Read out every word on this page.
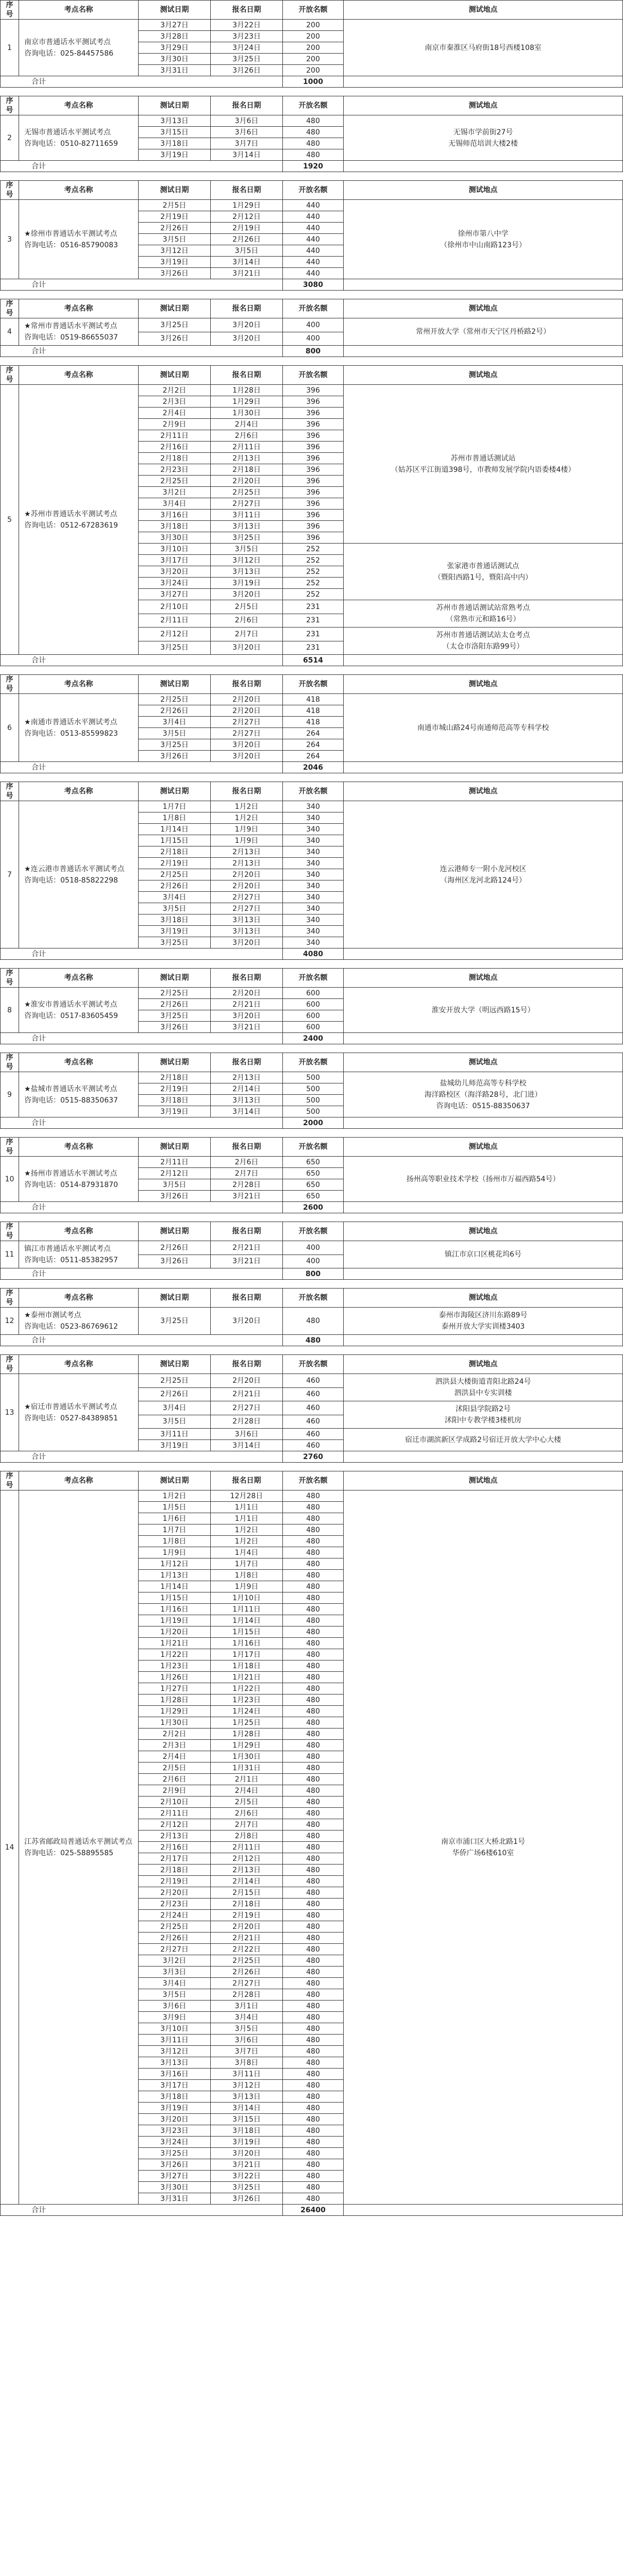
序号	考点名称	测试日期	报名日期	开放名额	测试地点
1	南京市普通话水平测试考点
咨询电话：025-84457586	3月27日	3月22日	200	南京市秦淮区马府街18号西楼108室
		3月28日	3月23日	200	
		3月29日	3月24日	200	
		3月30日	3月25日	200	
		3月31日	3月26日	200	
合计				1000	
序号	考点名称	测试日期	报名日期	开放名额	测试地点
2	无锡市普通话水平测试考点
咨询电话：0510-82711659	3月13日	3月6日	480	无锡市学前街27号
无锡师范培训大楼2楼
		3月15日	3月6日	480	
		3月18日	3月7日	480	
		3月19日	3月14日	480	
合计				1920	
序号	考点名称	测试日期	报名日期	开放名额	测试地点
3	★徐州市普通话水平测试考点
咨询电话：0516-85790083	2月5日	1月29日	440	徐州市第八中学
（徐州市中山南路123号）
		2月19日	2月12日	440	
		2月26日	2月19日	440	
		3月5日	2月26日	440	
		3月12日	3月5日	440	
		3月19日	3月14日	440	
		3月26日	3月21日	440	
合计				3080	
序号	考点名称	测试日期	报名日期	开放名额	测试地点
4	★常州市普通话水平测试考点
咨询电话：0519-86655037	3月25日	3月20日	400	常州开放大学（常州市天宁区丹桥路2号）
		3月26日	3月20日	400	
合计				800	
序号	考点名称	测试日期	报名日期	开放名额	测试地点
5	★苏州市普通话水平测试考点
咨询电话：0512-67283619	2月2日	1月28日	396	苏州市普通话测试站
（姑苏区平江街道398号，市教师发展学院内语委楼4楼）
		2月3日	1月29日	396	
		2月4日	1月30日	396	
		2月9日	2月4日	396	
		2月11日	2月6日	396	
		2月16日	2月11日	396	
		2月18日	2月13日	396	
		2月23日	2月18日	396	
		2月25日	2月20日	396	
		3月2日	2月25日	396	
		3月4日	2月27日	396	
		3月16日	3月11日	396	
		3月18日	3月13日	396	
		3月30日	3月25日	396	
		3月10日	3月5日	252	张家港市普通话测试点
（暨阳西路1号，暨阳高中内）
		3月17日	3月12日	252	
		3月20日	3月13日	252	
		3月24日	3月19日	252	
		3月27日	3月20日	252	
		2月10日	2月5日	231	苏州市普通话测试站常熟考点
（常熟市元和路16号）
		2月11日	2月6日	231	
		2月12日	2月7日	231	苏州市普通话测试站太仓考点
（太仓市洛阳东路99号）
		3月25日	3月20日	231	
合计				6514	
序号	考点名称	测试日期	报名日期	开放名额	测试地点
6	★南通市普通话水平测试考点
咨询电话：0513-85599823	2月25日	2月20日	418	南通市城山路24号南通师范高等专科学校
		2月26日	2月20日	418	
		3月4日	2月27日	418	
		3月5日	2月27日	264	
		3月25日	3月20日	264	
		3月26日	3月20日	264	
合计				2046	
序号	考点名称	测试日期	报名日期	开放名额	测试地点
7	★连云港市普通话水平测试考点
咨询电话：0518-85822298	1月7日	1月2日	340	连云港师专一附小龙河校区
（海州区龙河北路124号）
		1月8日	1月2日	340	
		1月14日	1月9日	340	
		1月15日	1月9日	340	
		2月18日	2月13日	340	
		2月19日	2月13日	340	
		2月25日	2月20日	340	
		2月26日	2月20日	340	
		3月4日	2月27日	340	
		3月5日	2月27日	340	
		3月18日	3月13日	340	
		3月19日	3月13日	340	
		3月25日	3月20日	340	
合计				4080	
序号	考点名称	测试日期	报名日期	开放名额	测试地点
8	★淮安市普通话水平测试考点
咨询电话：0517-83605459	2月25日	2月20日	600	淮安开放大学（明远西路15号）
		2月26日	2月21日	600	
		3月25日	3月20日	600	
		3月26日	3月21日	600	
合计				2400	
序号	考点名称	测试日期	报名日期	开放名额	测试地点
9	★盐城市普通话水平测试考点
咨询电话：0515-88350637	2月18日	2月13日	500	盐城幼儿师范高等专科学校
海洋路校区（海洋路28号，北门进）
咨询电话：0515-88350637
		2月19日	2月14日	500	
		3月18日	3月13日	500	
		3月19日	3月14日	500	
合计				2000	
序号	考点名称	测试日期	报名日期	开放名额	测试地点
10	★扬州市普通话水平测试考点
咨询电话：0514-87931870	2月11日	2月6日	650	扬州高等职业技术学校（扬州市万福西路54号）
		2月12日	2月7日	650	
		3月5日	2月28日	650	
		3月26日	3月21日	650	
合计				2600	
序号	考点名称	测试日期	报名日期	开放名额	测试地点
11	镇江市普通话水平测试考点
咨询电话：0511-85382957	2月26日	2月21日	400	镇江市京口区桃花坞6号
		3月26日	3月21日	400	
合计				800	
序号	考点名称	测试日期	报名日期	开放名额	测试地点
12	★泰州市测试考点
咨询电话：0523-86769612	3月25日	3月20日	480	泰州市海陵区济川东路89号
泰州开放大学实训楼3403
合计				480	
序号	考点名称	测试日期	报名日期	开放名额	测试地点
13	★宿迁市普通话水平测试考点
咨询电话：0527-84389851	2月25日	2月20日	460	泗洪县大楼街道青阳北路24号
泗洪县中专实训楼
		2月26日	2月21日	460	
		3月4日	2月27日	460	沭阳县学院路2号
沭阳中专教学楼3楼机房
		3月5日	2月28日	460	
		3月11日	3月6日	460	宿迁市湖滨新区学成路2号宿迁开放大学中心大楼
		3月19日	3月14日	460	
合计				2760	
序号	考点名称	测试日期	报名日期	开放名额	测试地点
14	江苏省邮政局普通话水平测试考点
咨询电话：025-58895585	1月2日	12月28日	480	南京市浦口区大桥北路1号
华侨广场6楼610室
		1月5日	1月1日	480	
		1月6日	1月1日	480	
		1月7日	1月2日	480	
		1月8日	1月2日	480	
		1月9日	1月4日	480	
		1月12日	1月7日	480	
		1月13日	1月8日	480	
		1月14日	1月9日	480	
		1月15日	1月10日	480	
		1月16日	1月11日	480	
		1月19日	1月14日	480	
		1月20日	1月15日	480	
		1月21日	1月16日	480	
		1月22日	1月17日	480	
		1月23日	1月18日	480	
		1月26日	1月21日	480	
		1月27日	1月22日	480	
		1月28日	1月23日	480	
		1月29日	1月24日	480	
		1月30日	1月25日	480	
		2月2日	1月28日	480	
		2月3日	1月29日	480	
		2月4日	1月30日	480	
		2月5日	1月31日	480	
		2月6日	2月1日	480	
		2月9日	2月4日	480	
		2月10日	2月5日	480	
		2月11日	2月6日	480	
		2月12日	2月7日	480	
		2月13日	2月8日	480	
		2月16日	2月11日	480	
		2月17日	2月12日	480	
		2月18日	2月13日	480	
		2月19日	2月14日	480	
		2月20日	2月15日	480	
		2月23日	2月18日	480	
		2月24日	2月19日	480	
		2月25日	2月20日	480	
		2月26日	2月21日	480	
		2月27日	2月22日	480	
		3月2日	2月25日	480	
		3月3日	2月26日	480	
		3月4日	2月27日	480	
		3月5日	2月28日	480	
		3月6日	3月1日	480	
		3月9日	3月4日	480	
		3月10日	3月5日	480	
		3月11日	3月6日	480	
		3月12日	3月7日	480	
		3月13日	3月8日	480	
		3月16日	3月11日	480	
		3月17日	3月12日	480	
		3月18日	3月13日	480	
		3月19日	3月14日	480	
		3月20日	3月15日	480	
		3月23日	3月18日	480	
		3月24日	3月19日	480	
		3月25日	3月20日	480	
		3月26日	3月21日	480	
		3月27日	3月22日	480	
		3月30日	3月25日	480	
		3月31日	3月26日	480	
合计				26400	
